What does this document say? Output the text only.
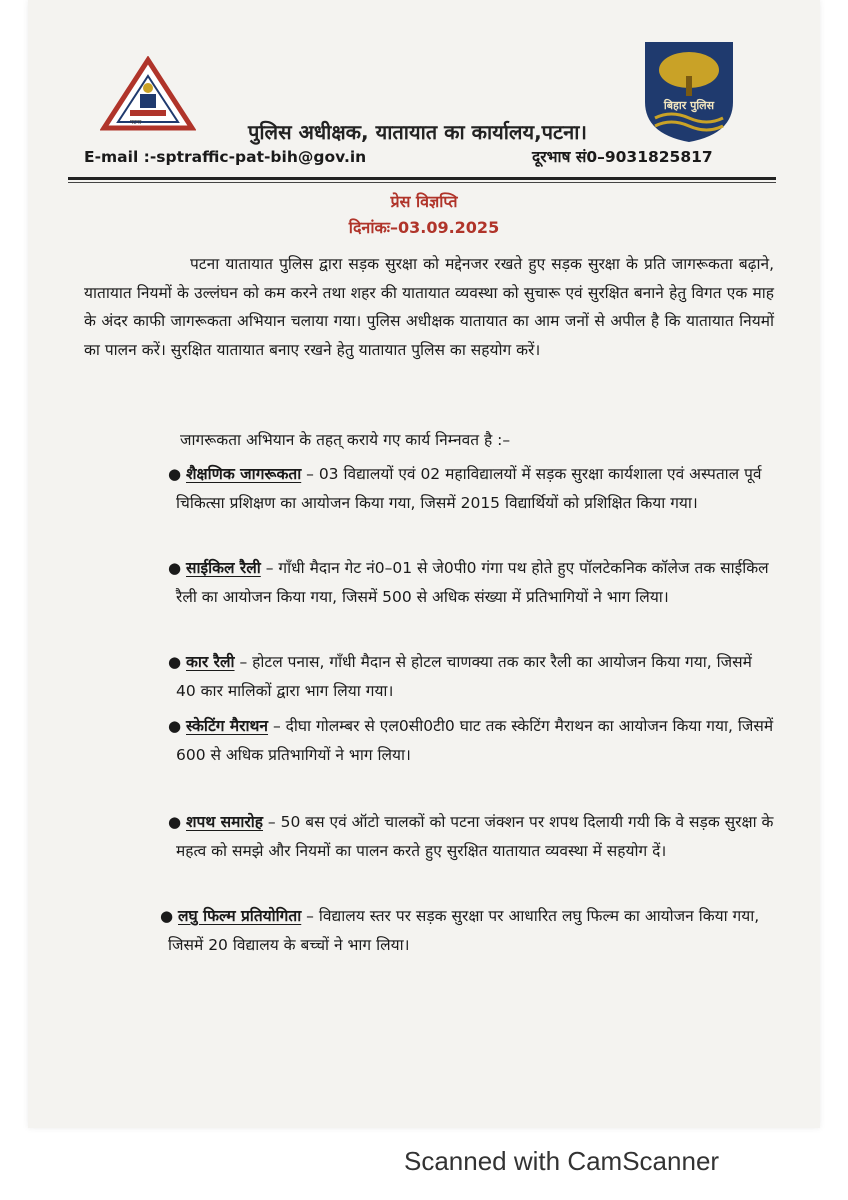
पटना
बिहार पुलिस
पुलिस अधीक्षक, यातायात का कार्यालय,पटना।
E-mail :-sptraffic-pat-bih@gov.in	दूरभाष सं0–9031825817
प्रेस विज्ञप्ति
दिनांकः–03.09.2025
पटना यातायात पुलिस द्वारा सड़क सुरक्षा को मद्देनजर रखते हुए सड़क सुरक्षा के प्रति जागरूकता बढ़ाने, यातायात नियमों के उल्लंघन को कम करने तथा शहर की यातायात व्यवस्था को सुचारू एवं सुरक्षित बनाने हेतु विगत एक माह के अंदर काफी जागरूकता अभियान चलाया गया। पुलिस अधीक्षक यातायात का आम जनों से अपील है कि यातायात नियमों का पालन करें। सुरक्षित यातायात बनाए रखने हेतु यातायात पुलिस का सहयोग करें।
जागरूकता अभियान के तहत् कराये गए कार्य निम्नवत है :–
● शैक्षणिक जागरूकता – 03 विद्यालयों एवं 02 महाविद्यालयों में सड़क सुरक्षा कार्यशाला एवं अस्पताल पूर्व चिकित्सा प्रशिक्षण का आयोजन किया गया, जिसमें 2015 विद्यार्थियों को प्रशिक्षित किया गया।
● साईकिल रैली – गाँधी मैदान गेट नं0–01 से जे0पी0 गंगा पथ होते हुए पॉलटेकनिक कॉलेज तक साईकिल रैली का आयोजन किया गया, जिसमें 500 से अधिक संख्या में प्रतिभागियों ने भाग लिया।
● कार रैली – होटल पनास, गाँधी मैदान से होटल चाणक्या तक कार रैली का आयोजन किया गया, जिसमें 40 कार मालिकों द्वारा भाग लिया गया।
● स्केटिंग मैराथन – दीघा गोलम्बर से एल0सी0टी0 घाट तक स्केटिंग मैराथन का आयोजन किया गया, जिसमें 600 से अधिक प्रतिभागियों ने भाग लिया।
● शपथ समारोह – 50 बस एवं ऑटो चालकों को पटना जंक्शन पर शपथ दिलायी गयी कि वे सड़क सुरक्षा के महत्व को समझे और नियमों का पालन करते हुए सुरक्षित यातायात व्यवस्था में सहयोग दें।
● लघु फिल्म प्रतियोगिता – विद्यालय स्तर पर सड़क सुरक्षा पर आधारित लघु फिल्म का आयोजन किया गया, जिसमें 20 विद्यालय के बच्चों ने भाग लिया।
Scanned with CamScanner
